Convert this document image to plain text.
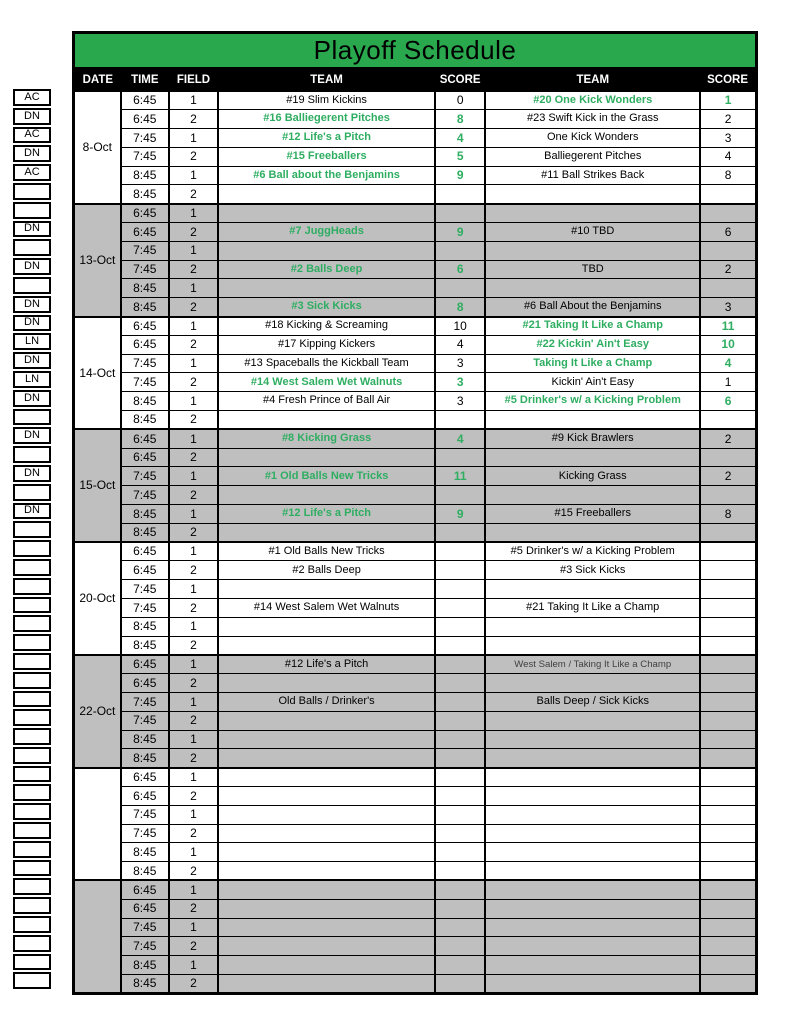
AC
DN
AC
DN
AC
DN
DN
DN
DN
LN
DN
LN
DN
DN
DN
DN
Playoff Schedule
DATE	TIME	FIELD	TEAM	SCORE	TEAM	SCORE
8-Oct	6:45	1	#19 Slim Kickins	0	#20 One Kick Wonders	1
	6:45	2	#16 Balliegerent Pitches	8	#23 Swift Kick in the Grass	2
	7:45	1	#12 Life's a Pitch	4	One Kick Wonders	3
	7:45	2	#15 Freeballers	5	Balliegerent Pitches	4
	8:45	1	#6 Ball about the Benjamins	9	#11 Ball Strikes Back	8
	8:45	2				
13-Oct	6:45	1				
	6:45	2	#7 JuggHeads	9	#10 TBD	6
	7:45	1				
	7:45	2	#2 Balls Deep	6	TBD	2
	8:45	1				
	8:45	2	#3 Sick Kicks	8	#6 Ball About the Benjamins	3
14-Oct	6:45	1	#18 Kicking & Screaming	10	#21 Taking It Like a Champ	11
	6:45	2	#17 Kipping Kickers	4	#22 Kickin' Ain't Easy	10
	7:45	1	#13 Spaceballs the Kickball Team	3	Taking It Like a Champ	4
	7:45	2	#14 West Salem Wet Walnuts	3	Kickin' Ain't Easy	1
	8:45	1	#4 Fresh Prince of Ball Air	3	#5 Drinker's w/ a Kicking Problem	6
	8:45	2				
15-Oct	6:45	1	#8 Kicking Grass	4	#9 Kick Brawlers	2
	6:45	2				
	7:45	1	#1 Old Balls New Tricks	11	Kicking Grass	2
	7:45	2				
	8:45	1	#12 Life's a Pitch	9	#15 Freeballers	8
	8:45	2				
20-Oct	6:45	1	#1 Old Balls New Tricks		#5 Drinker's w/ a Kicking Problem	
	6:45	2	#2 Balls Deep		#3 Sick Kicks	
	7:45	1				
	7:45	2	#14 West Salem Wet Walnuts		#21 Taking It Like a Champ	
	8:45	1				
	8:45	2				
22-Oct	6:45	1	#12 Life's a Pitch		West Salem / Taking It Like a Champ	
	6:45	2				
	7:45	1	Old Balls / Drinker's		Balls Deep / Sick Kicks	
	7:45	2				
	8:45	1				
	8:45	2				
	6:45	1				
	6:45	2				
	7:45	1				
	7:45	2				
	8:45	1				
	8:45	2				
	6:45	1				
	6:45	2				
	7:45	1				
	7:45	2				
	8:45	1				
	8:45	2				
